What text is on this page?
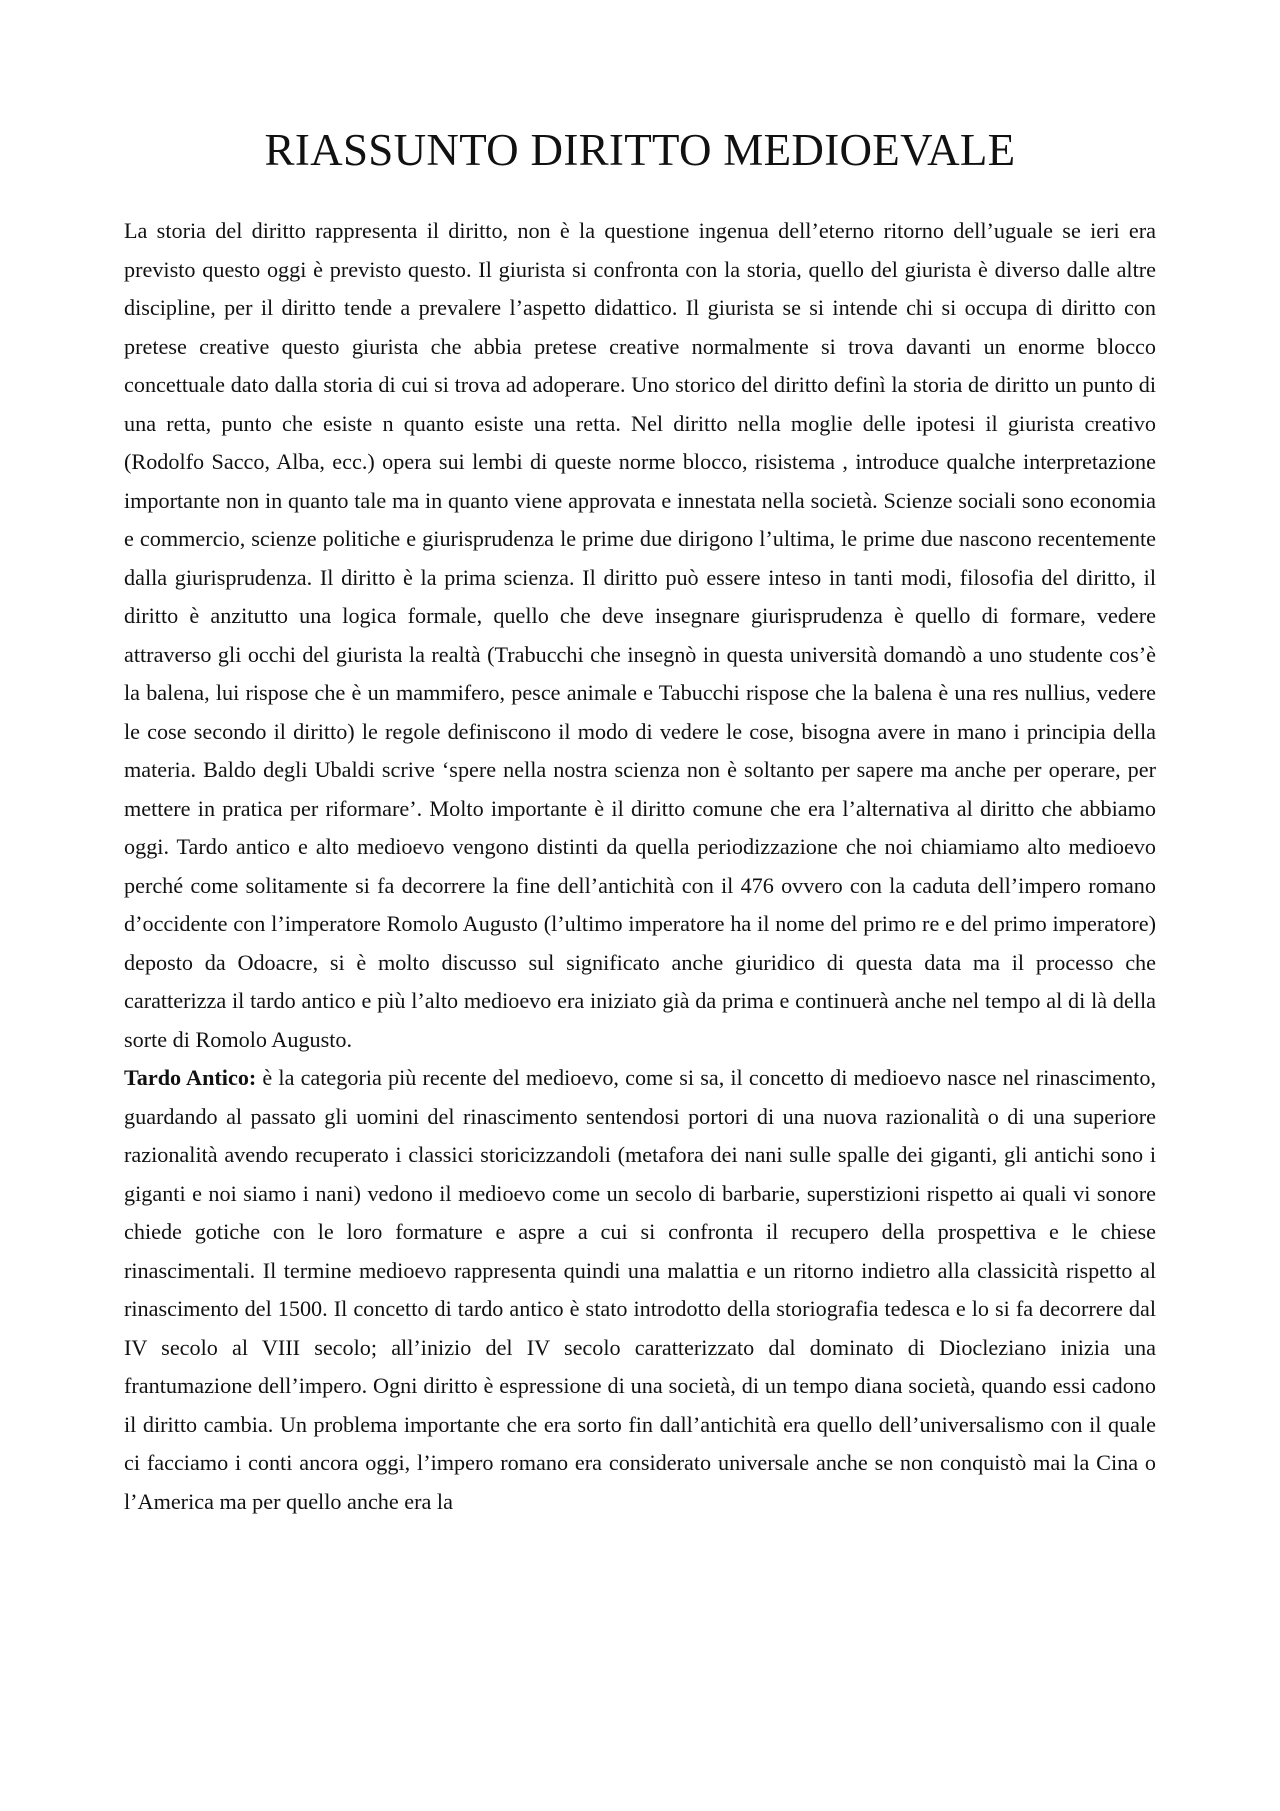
RIASSUNTO DIRITTO MEDIOEVALE

La storia del diritto rappresenta il diritto, non è la questione ingenua dell’eterno ritorno dell’uguale se ieri era previsto questo oggi è previsto questo. Il giurista si confronta con la storia, quello del giurista è diverso dalle altre discipline, per il diritto tende a prevalere l’aspetto didattico. Il giurista se si intende chi si occupa di diritto con pretese creative questo giurista che abbia pretese creative normalmente si trova davanti un enorme blocco concettuale dato dalla storia di cui si trova ad adoperare. Uno storico del diritto definì la storia de diritto un punto di una retta, punto che esiste n quanto esiste una retta. Nel diritto nella moglie delle ipotesi il giurista creativo (Rodolfo Sacco, Alba, ecc.) opera sui lembi di queste norme blocco, risistema , introduce qualche interpretazione importante non in quanto tale ma in quanto viene approvata e innestata nella società. Scienze sociali sono economia e commercio, scienze politiche e giurisprudenza le prime due dirigono l’ultima, le prime due nascono recentemente dalla giurisprudenza. Il diritto è la prima scienza. Il diritto può essere inteso in tanti modi, filosofia del diritto, il diritto è anzitutto una logica formale, quello che deve insegnare giurisprudenza è quello di formare, vedere attraverso gli occhi del giurista la realtà (Trabucchi che insegnò in questa università domandò a uno studente cos’è la balena, lui rispose che è un mammifero, pesce animale e Tabucchi rispose che la balena è una res nullius, vedere le cose secondo il diritto) le regole definiscono il modo di vedere le cose, bisogna avere in mano i principia della materia. Baldo degli Ubaldi scrive ‘spere nella nostra scienza non è soltanto per sapere ma anche per operare, per mettere in pratica per riformare’. Molto importante è il diritto comune che era l’alternativa al diritto che abbiamo oggi. Tardo antico e alto medioevo vengono distinti da quella periodizzazione che noi chiamiamo alto medioevo perché come solitamente si fa decorrere la fine dell’antichità con il 476 ovvero con la caduta dell’impero romano d’occidente con l’imperatore Romolo Augusto (l’ultimo imperatore ha il nome del primo re e del primo imperatore) deposto da Odoacre, si è molto discusso sul significato anche giuridico di questa data ma il processo che caratterizza il tardo antico e più l’alto medioevo era iniziato già da prima e continuerà anche nel tempo al di là della sorte di Romolo Augusto.

Tardo Antico: è la categoria più recente del medioevo, come si sa, il concetto di medioevo nasce nel rinascimento, guardando al passato gli uomini del rinascimento sentendosi portori di una nuova razionalità o di una superiore razionalità avendo recuperato i classici storicizzandoli (metafora dei nani sulle spalle dei giganti, gli antichi sono i giganti e noi siamo i nani) vedono il medioevo come un secolo di barbarie, superstizioni rispetto ai quali vi sonore chiede gotiche con le loro formature e aspre a cui si confronta il recupero della prospettiva e le chiese rinascimentali. Il termine medioevo rappresenta quindi una malattia e un ritorno indietro alla classicità rispetto al rinascimento del 1500. Il concetto di tardo antico è stato introdotto della storiografia tedesca e lo si fa decorrere dal IV secolo al VIII secolo; all’inizio del IV secolo caratterizzato dal dominato di Diocleziano inizia una frantumazione dell’impero. Ogni diritto è espressione di una società, di un tempo diana società, quando essi cadono il diritto cambia. Un problema importante che era sorto fin dall’antichità era quello dell’universalismo con il quale ci facciamo i conti ancora oggi, l’impero romano era considerato universale anche se non conquistò mai la Cina o l’America ma per quello anche era la
